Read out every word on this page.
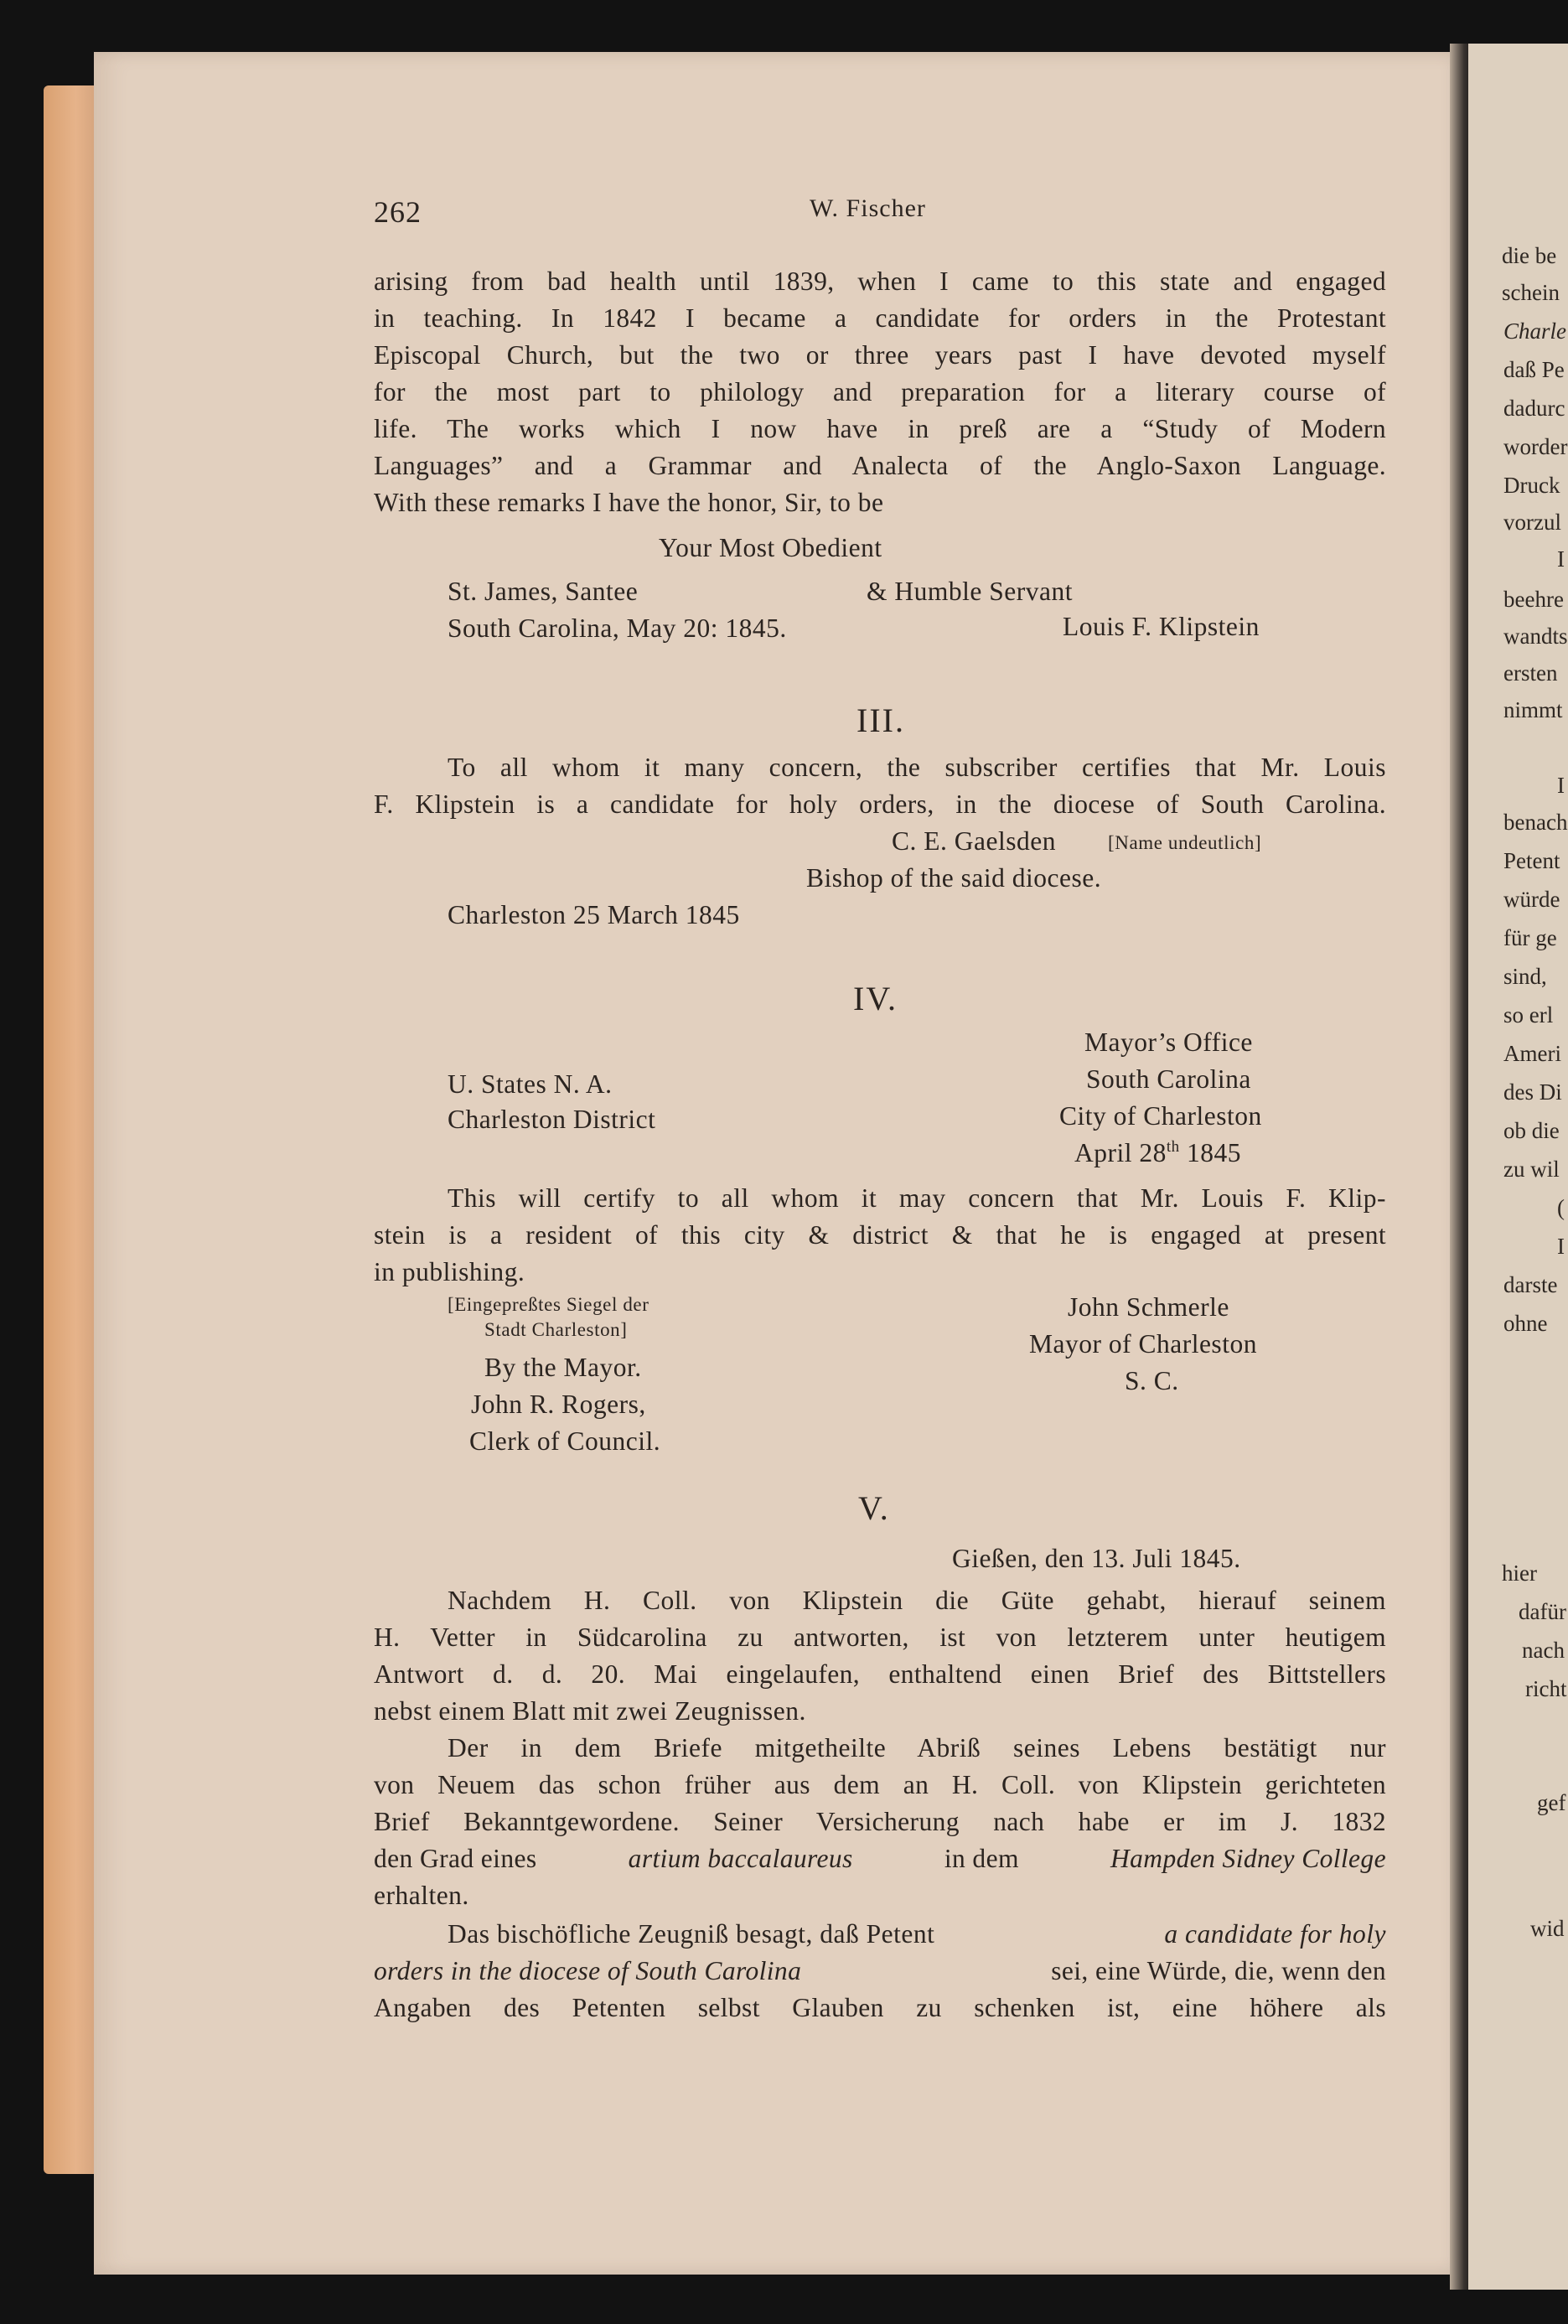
die be
schein
Charle
daß Pe
dadurc
worder
Druck
vorzul
I
beehre
wandts
ersten
nimmt
I
benach
Petent
würde
für ge
sind,
so erl
Ameri
des Di
ob die
zu wil
(
I
darste
ohne
hier
dafür
nach
richt
gef
wid
262	W. Fischer
arising from bad health until 1839, when I came to this state and engaged
in teaching. In 1842 I became a candidate for orders in the Protestant
Episcopal Church, but the two or three years past I have devoted myself
for the most part to philology and preparation for a literary course of
life. The works which I now have in preß are a “Study of Modern
Languages” and a Grammar and Analecta of the Anglo-Saxon Language.
With these remarks I have the honor, Sir, to be
Your Most Obedient
St. James, Santee	& Humble Servant
South Carolina, May 20: 1845.	Louis F. Klipstein
III.
To all whom it many concern, the subscriber certifies that Mr. Louis
F. Klipstein is a candidate for holy orders, in the diocese of South Carolina.
C. E. Gaelsden	[Name undeutlich]
Bishop of the said diocese.
Charleston 25 March 1845
IV.
Mayor’s Office
South Carolina
U. States N. A.
City of Charleston
Charleston District
April 28th 1845
This will certify to all whom it may concern that Mr. Louis F. Klip-
stein is a resident of this city & district & that he is engaged at present
in publishing.
[Eingepreßtes Siegel der
Stadt Charleston]
John Schmerle
Mayor of Charleston
S. C.
By the Mayor.
John R. Rogers,
Clerk of Council.
V.
Gießen, den 13. Juli 1845.
Nachdem H. Coll. von Klipstein die Güte gehabt, hierauf seinem
H. Vetter in Südcarolina zu antworten, ist von letzterem unter heutigem
Antwort d. d. 20. Mai eingelaufen, enthaltend einen Brief des Bittstellers
nebst einem Blatt mit zwei Zeugnissen.
Der in dem Briefe mitgetheilte Abriß seines Lebens bestätigt nur
von Neuem das schon früher aus dem an H. Coll. von Klipstein gerichteten
Brief Bekanntgewordene. Seiner Versicherung nach habe er im J. 1832
den Grad eines	artium baccalaureus	in dem	Hampden Sidney College
erhalten.
Das bischöfliche Zeugniß besagt, daß Petent	a candidate for holy
orders in the diocese of South Carolina	sei, eine Würde, die, wenn den
Angaben des Petenten selbst Glauben zu schenken ist, eine höhere als
